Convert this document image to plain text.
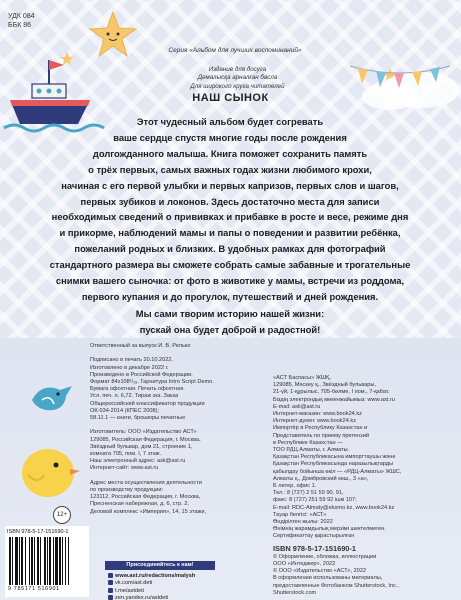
УДК 084
ББК 86
Серия «Альбом для лучших воспоминаний»
Издание для досуга
Демалысқа арналған басла
Для широкого круга читателей
НАШ СЫНОК

Этот чудесный альбом будет согревать

ваше сердце спустя многие годы после рождения

долгожданного малыша. Книга поможет сохранить память

о трёх первых, самых важных годах жизни любимого крохи,

начиная с его первой улыбки и первых капризов, первых слов и шагов,

первых зубиков и локонов. Здесь достаточно места для записи

необходимых сведений о прививках и прибавке в росте и весе, режиме дня

и прикорме, наблюдений мамы и папы о поведении и развитии ребёнка,

пожеланий родных и близких. В удобных рамках для фотографий

стандартного размера вы сможете собрать самые забавные и трогательные

снимки вашего сыночка: от фото в животике у мамы, встречи из роддома,

первого купания и до прогулок, путешествий и дней рождения.

Мы сами творим историю нашей жизни:

пускай она будет доброй и радостной!

Ответственный за выпуск И. В. Релько

Подписано в печать 20.10.2022.
Изготовлено в декабре 2022 г.
Произведено в Российской Федерации.
Формат 84х108¹/₁₆. Гарнитура Intro Script Demo.
Бумага офсетная. Печать офсетная.
Усл. печ. л. 6,72. Тираж экз. Заказ
Общероссийский классификатор продукции
ОК-034-2014 (КПЕС 2008);
58.11.1 — книги, брошюры печатные

Изготовитель: ООО «Издательство АСТ»
129085, Российская Федерация, г. Москва,
Звёздный бульвар, дом 21, строение 1,
комната 705, пом. I, 7 этаж.
Наш электронный адрес: ask@ast.ru
Интернет-сайт: www.ast.ru

Адрес места осуществления деятельности
по производству продукции:
123112, Российская Федерация, г. Москва,
Пресненская набережная, д. 6, стр. 2,
Деловой комплекс «Империя», 14, 15 этажи,
«АСТ Баспасы» ЖШҚ,
129085, Мәскеу қ., Звёздный бульвары,
21-үй, 1-құрылыс, 705-бөлме, I пом., 7-қабат.
Біздің электрондық мекенжайымыз: www.ast.ru
E-mail: ask@ast.ru
Интернет-магазин: www.book24.kz
Интернет-дүкен: www.book24.kz
Импортёр в Республику Казахстан и
Представитель по приему претензий
в Республике Казахстан —
ТОО РДЦ Алматы, г. Алматы.
Қазақстан Республикасына импорттаушы және
Қазақстан Республикасында наразылықтарды
қабылдау бойынша өкіл — «РДЦ-Алматы» ЖШС,
Алматы қ., Домбровский көш., 3 «а»,
Б литер, офис 1.
Тел.: 8 (727) 2 51 59 90, 91,
факс: 8 (727) 251 59 92 ішкі 107;
E-mail: RDC-Almaty@eksmo.kz, www.book24.kz
Тауар белгісі: «АСТ»
Өндірілген жылы: 2022
Өнімнің жарамдылық мерзімі шектелмеген.
Сертификаттау қарастырылған
ISBN 978-5-17-151690-1
© Оформление, обложка, иллюстрации
ООО «Интеджер», 2022
© ООО «Издательство «АСТ», 2022
В оформлении использованы материалы,
предоставленные Фотобанком Shutterstock, Inc.,
Shutterstock.com
12+
ISBN 978-5-17-151690-1
9 785171 516901
Присоединяйтесь к нам!
www.ast.ru/redactions/malysh
vk.com/ast.deti
t.me/astdeti
zen.yandex.ru/astdeti
